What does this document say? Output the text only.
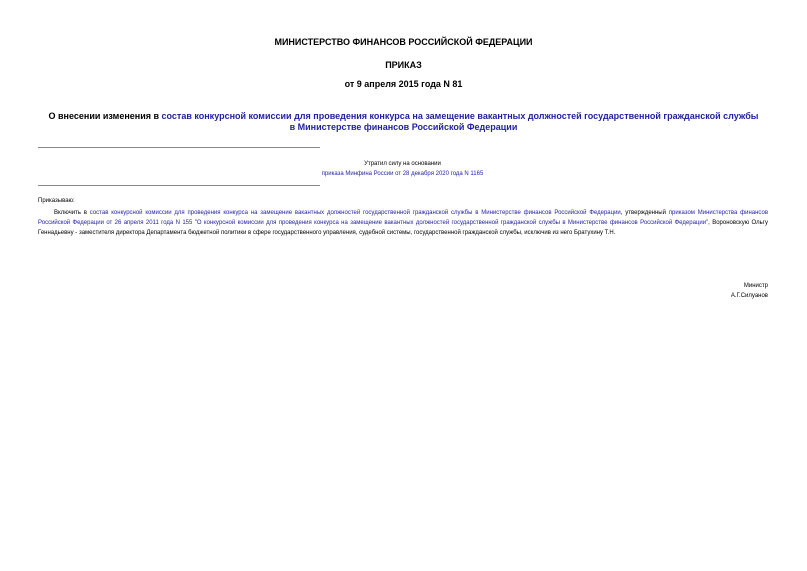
МИНИСТЕРСТВО ФИНАНСОВ РОССИЙСКОЙ ФЕДЕРАЦИИ
ПРИКАЗ
от 9 апреля 2015 года N 81
О внесении изменения в состав конкурсной комиссии для проведения конкурса на замещение вакантных должностей государственной гражданской службы в Министерстве финансов Российской Федерации
Утратил силу на основании
приказа Минфина России от 28 декабря 2020 года N 1165
Приказываю:
Включить в состав конкурсной комиссии для проведения конкурса на замещение вакантных должностей государственной гражданской службы в Министерстве финансов Российской Федерации, утвержденный приказом Министерства финансов Российской Федерации от 26 апреля 2011 года N 155 "О конкурсной комиссии для проведения конкурса на замещение вакантных должностей государственной гражданской службы в Министерстве финансов Российской Федерации", Вороновскую Ольгу Геннадьевну - заместителя директора Департамента бюджетной политики в сфере государственного управления, судебной системы, государственной гражданской службы, исключив из него Братухину Т.Н.
Министр
А.Г.Силуанов
